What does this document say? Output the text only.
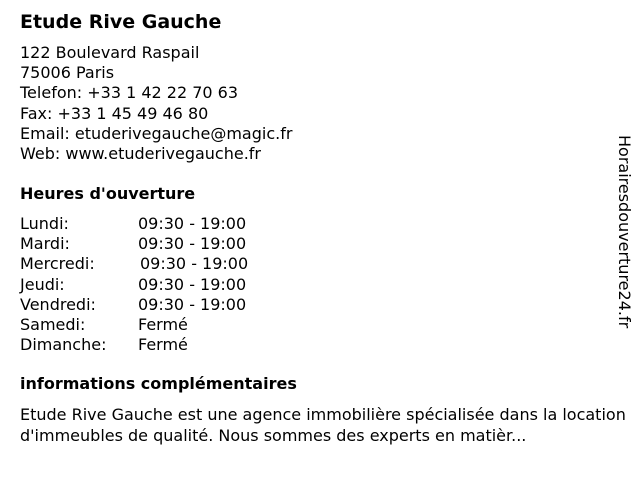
Etude Rive Gauche
122 Boulevard Raspail
75006 Paris
Telefon: +33 1 42 22 70 63
Fax: +33 1 45 49 46 80
Email: etuderivegauche@magic.fr
Web: www.etuderivegauche.fr
Heures d'ouverture
Lundi:	09:30 - 19:00
Mardi:	09:30 - 19:00
Mercredi:	09:30 - 19:00
Jeudi:	09:30 - 19:00
Vendredi:	09:30 - 19:00
Samedi:	Fermé
Dimanche: Fermé
informations complémentaires
Etude Rive Gauche est une agence immobilière spécialisée dans la location d'immeubles de qualité. Nous sommes des experts en matièr...
Horairesdouverture24.fr
